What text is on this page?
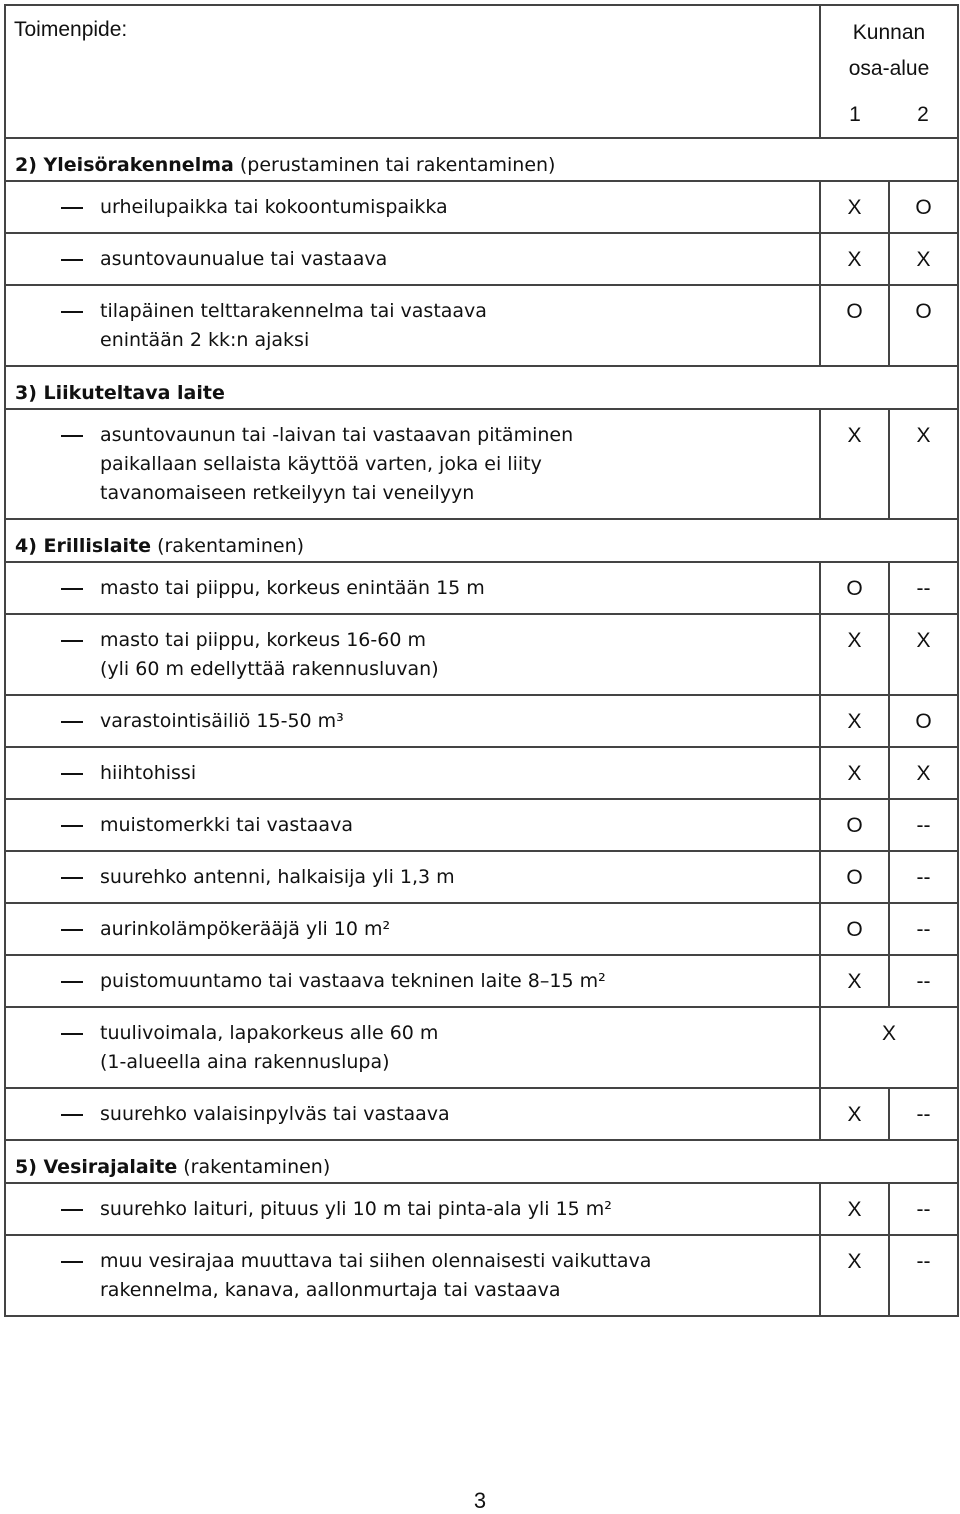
Toimenpide:	Kunnan
osa-alue
1 2	

2) Yleisörakennelma (perustaminen tai rakentaminen)		

urheilupaikka tai kokoontumispaikka	X	O

asuntovaunualue tai vastaava	X	X

tilapäinen telttarakennelma tai vastaava
enintään 2 kk:n ajaksi	O	O
3) Liikuteltava laite		

asuntovaunun tai -laivan tai vastaavan pitäminen
paikallaan sellaista käyttöä varten, joka ei liity
tavanomaiseen retkeilyyn tai veneilyyn	X	X
4) Erillislaite (rakentaminen)		

masto tai piippu, korkeus enintään 15 m	O	--

masto tai piippu, korkeus 16-60 m
(yli 60 m edellyttää rakennusluvan)	X	X

varastointisäiliö 15-50 m³	X	O

hiihtohissi	X	X

muistomerkki tai vastaava	O	--

suurehko antenni, halkaisija yli 1,3 m	O	--

aurinkolämpökerääjä yli 10 m²	O	--

puistomuuntamo tai vastaava tekninen laite 8–15 m²	X	--

tuulivoimala, lapakorkeus alle 60 m
(1-alueella aina rakennuslupa)	X	

suurehko valaisinpylväs tai vastaava	X	--
5) Vesirajalaite (rakentaminen)		

suurehko laituri, pituus yli 10 m tai pinta-ala yli 15 m²	X	--

muu vesirajaa muuttava tai siihen olennaisesti vaikuttava
rakennelma, kanava, aallonmurtaja tai vastaava	X	--
3
